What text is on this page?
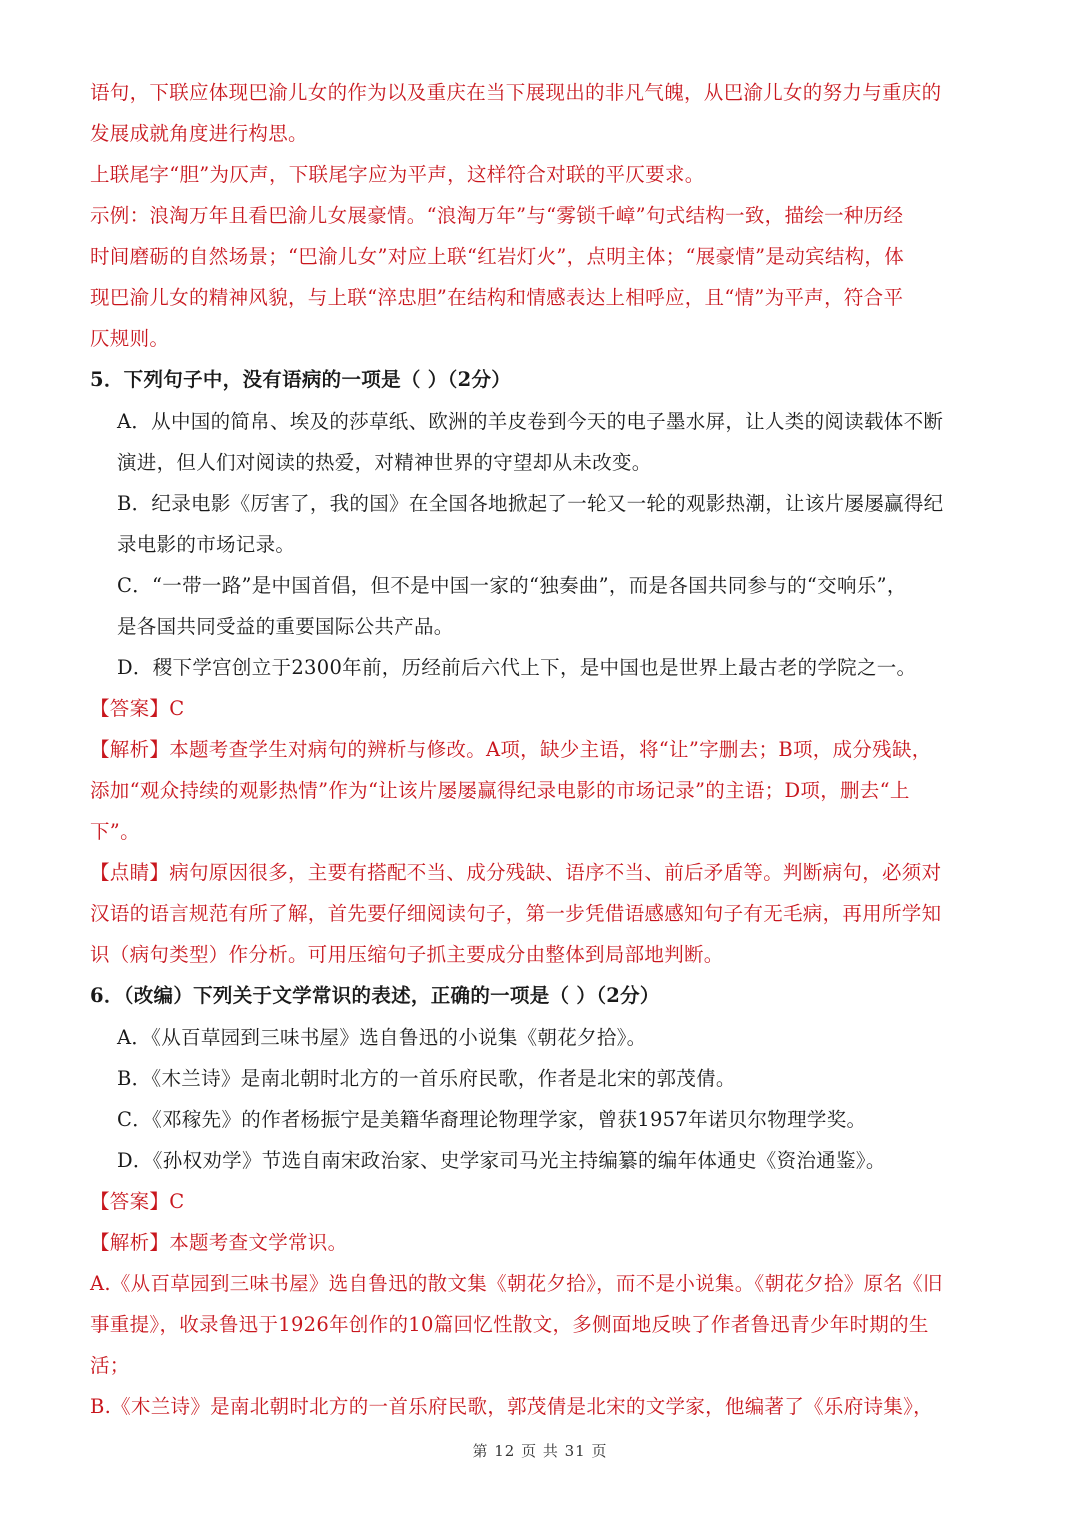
语句，下联应体现巴渝儿女的作为以及重庆在当下展现出的非凡气魄，从巴渝儿女的努力与重庆的
发展成就角度进行构思。
上联尾字“胆”为仄声，下联尾字应为平声，这样符合对联的平仄要求。
示例：浪淘万年且看巴渝儿女展豪情。“浪淘万年”与“雾锁千嶂”句式结构一致，描绘一种历经
时间磨砺的自然场景；“巴渝儿女”对应上联“红岩灯火”，点明主体；“展豪情”是动宾结构，体
现巴渝儿女的精神风貌，与上联“淬忠胆”在结构和情感表达上相呼应，且“情”为平声，符合平
仄规则。
5．下列句子中，没有语病的一项是（ ）（2分）
A．从中国的简帛、埃及的莎草纸、欧洲的羊皮卷到今天的电子墨水屏，让人类的阅读载体不断
演进，但人们对阅读的热爱，对精神世界的守望却从未改变。
B．纪录电影《厉害了，我的国》在全国各地掀起了一轮又一轮的观影热潮，让该片屡屡赢得纪
录电影的市场记录。
C．“一带一路”是中国首倡，但不是中国一家的“独奏曲”，而是各国共同参与的“交响乐”，
是各国共同受益的重要国际公共产品。
D．稷下学宫创立于2300年前，历经前后六代上下，是中国也是世界上最古老的学院之一。
【答案】C
【解析】本题考查学生对病句的辨析与修改。A项，缺少主语，将“让”字删去；B项，成分残缺，
添加“观众持续的观影热情”作为“让该片屡屡赢得纪录电影的市场记录”的主语；D项，删去“上
下”。
【点睛】病句原因很多，主要有搭配不当、成分残缺、语序不当、前后矛盾等。判断病句，必须对
汉语的语言规范有所了解，首先要仔细阅读句子，第一步凭借语感感知句子有无毛病，再用所学知
识（病句类型）作分析。可用压缩句子抓主要成分由整体到局部地判断。
6．（改编）下列关于文学常识的表述，正确的一项是（ ）（2分）
A．《从百草园到三味书屋》选自鲁迅的小说集《朝花夕拾》。
B．《木兰诗》是南北朝时北方的一首乐府民歌，作者是北宋的郭茂倩。
C．《邓稼先》的作者杨振宁是美籍华裔理论物理学家，曾获1957年诺贝尔物理学奖。
D．《孙权劝学》节选自南宋政治家、史学家司马光主持编纂的编年体通史《资治通鉴》。
【答案】C
【解析】本题考查文学常识。
A.《从百草园到三味书屋》选自鲁迅的散文集《朝花夕拾》，而不是小说集。《朝花夕拾》原名《旧
事重提》，收录鲁迅于1926年创作的10篇回忆性散文，多侧面地反映了作者鲁迅青少年时期的生
活；
B.《木兰诗》是南北朝时北方的一首乐府民歌，郭茂倩是北宋的文学家，他编著了《乐府诗集》，
第 12 页 共 31 页
